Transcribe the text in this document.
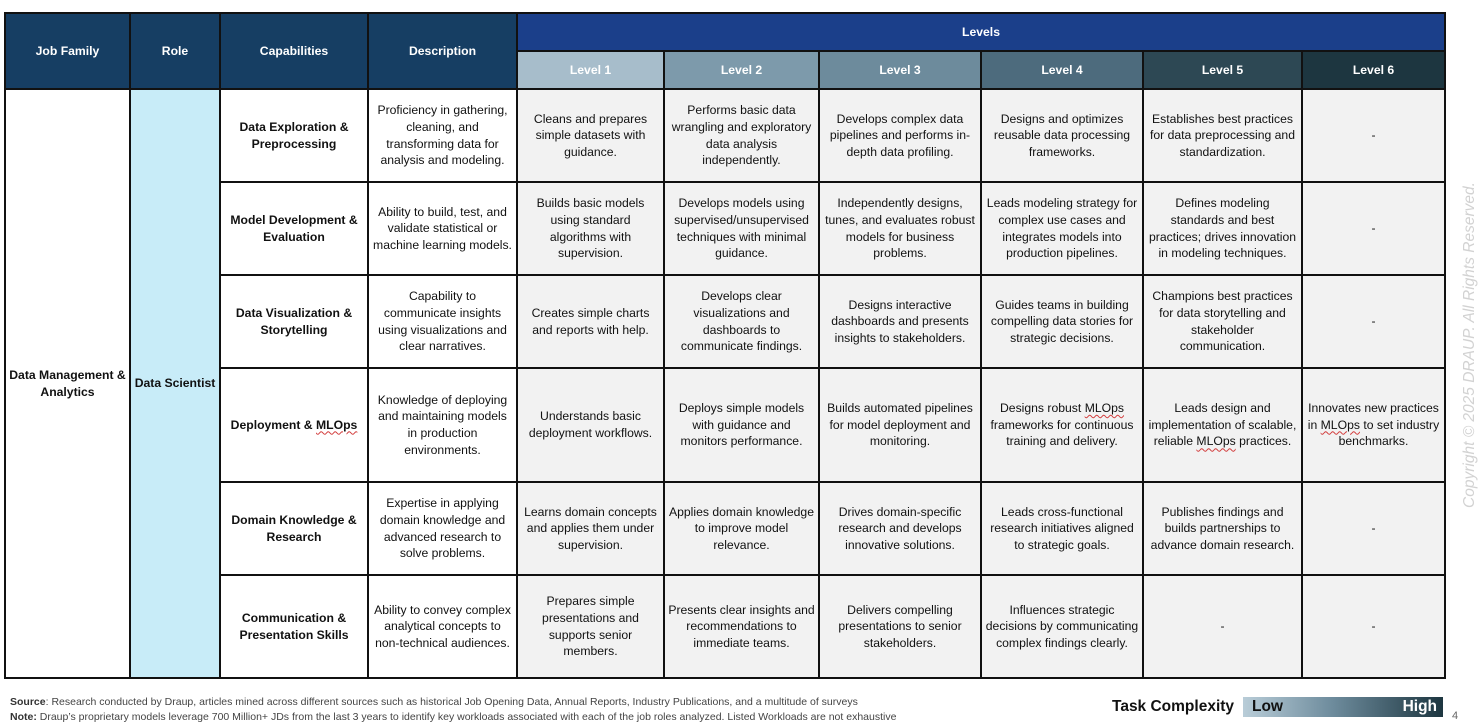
Job Family	Role	Capabilities	Description	Levels					
				Level 1	Level 2	Level 3	Level 4	Level 5	Level 6
Data Management & Analytics	Data Scientist	Data Exploration & Preprocessing	Proficiency in gathering, cleaning, and transforming data for analysis and modeling.	Cleans and prepares simple datasets with guidance.	Performs basic data wrangling and exploratory data analysis independently.	Develops complex data pipelines and performs in-depth data profiling.	Designs and optimizes reusable data processing frameworks.	Establishes best practices for data preprocessing and standardization.	-
		Model Development & Evaluation	Ability to build, test, and validate statistical or machine learning models.	Builds basic models using standard algorithms with supervision.	Develops models using supervised/unsupervised techniques with minimal guidance.	Independently designs, tunes, and evaluates robust models for business problems.	Leads modeling strategy for complex use cases and integrates models into production pipelines.	Defines modeling standards and best practices; drives innovation in modeling techniques.	-
		Data Visualization & Storytelling	Capability to communicate insights using visualizations and clear narratives.	Creates simple charts and reports with help.	Develops clear visualizations and dashboards to communicate findings.	Designs interactive dashboards and presents insights to stakeholders.	Guides teams in building compelling data stories for strategic decisions.	Champions best practices for data storytelling and stakeholder communication.	-
		Deployment & MLOps	Knowledge of deploying and maintaining models in production environments.	Understands basic deployment workflows.	Deploys simple models with guidance and monitors performance.	Builds automated pipelines for model deployment and monitoring.	Designs robust MLOps frameworks for continuous training and delivery.	Leads design and implementation of scalable, reliable MLOps practices.	Innovates new practices in MLOps to set industry benchmarks.
		Domain Knowledge & Research	Expertise in applying domain knowledge and advanced research to solve problems.	Learns domain concepts and applies them under supervision.	Applies domain knowledge to improve model relevance.	Drives domain-specific research and develops innovative solutions.	Leads cross-functional research initiatives aligned to strategic goals.	Publishes findings and builds partnerships to advance domain research.	-
		Communication & Presentation Skills	Ability to convey complex analytical concepts to non-technical audiences.	Prepares simple presentations and supports senior members.	Presents clear insights and recommendations to immediate teams.	Delivers compelling presentations to senior stakeholders.	Influences strategic decisions by communicating complex findings clearly.	-	-
Copyright © 2025 DRAUP. All Rights Reserved.
Source: Research conducted by Draup, articles mined across different sources such as historical Job Opening Data, Annual Reports, Industry Publications, and a multitude of surveys
Note: Draup’s proprietary models leverage 700 Million+ JDs from the last 3 years to identify key workloads associated with each of the job roles analyzed. Listed Workloads are not exhaustive
Task Complexity Low	High
4
